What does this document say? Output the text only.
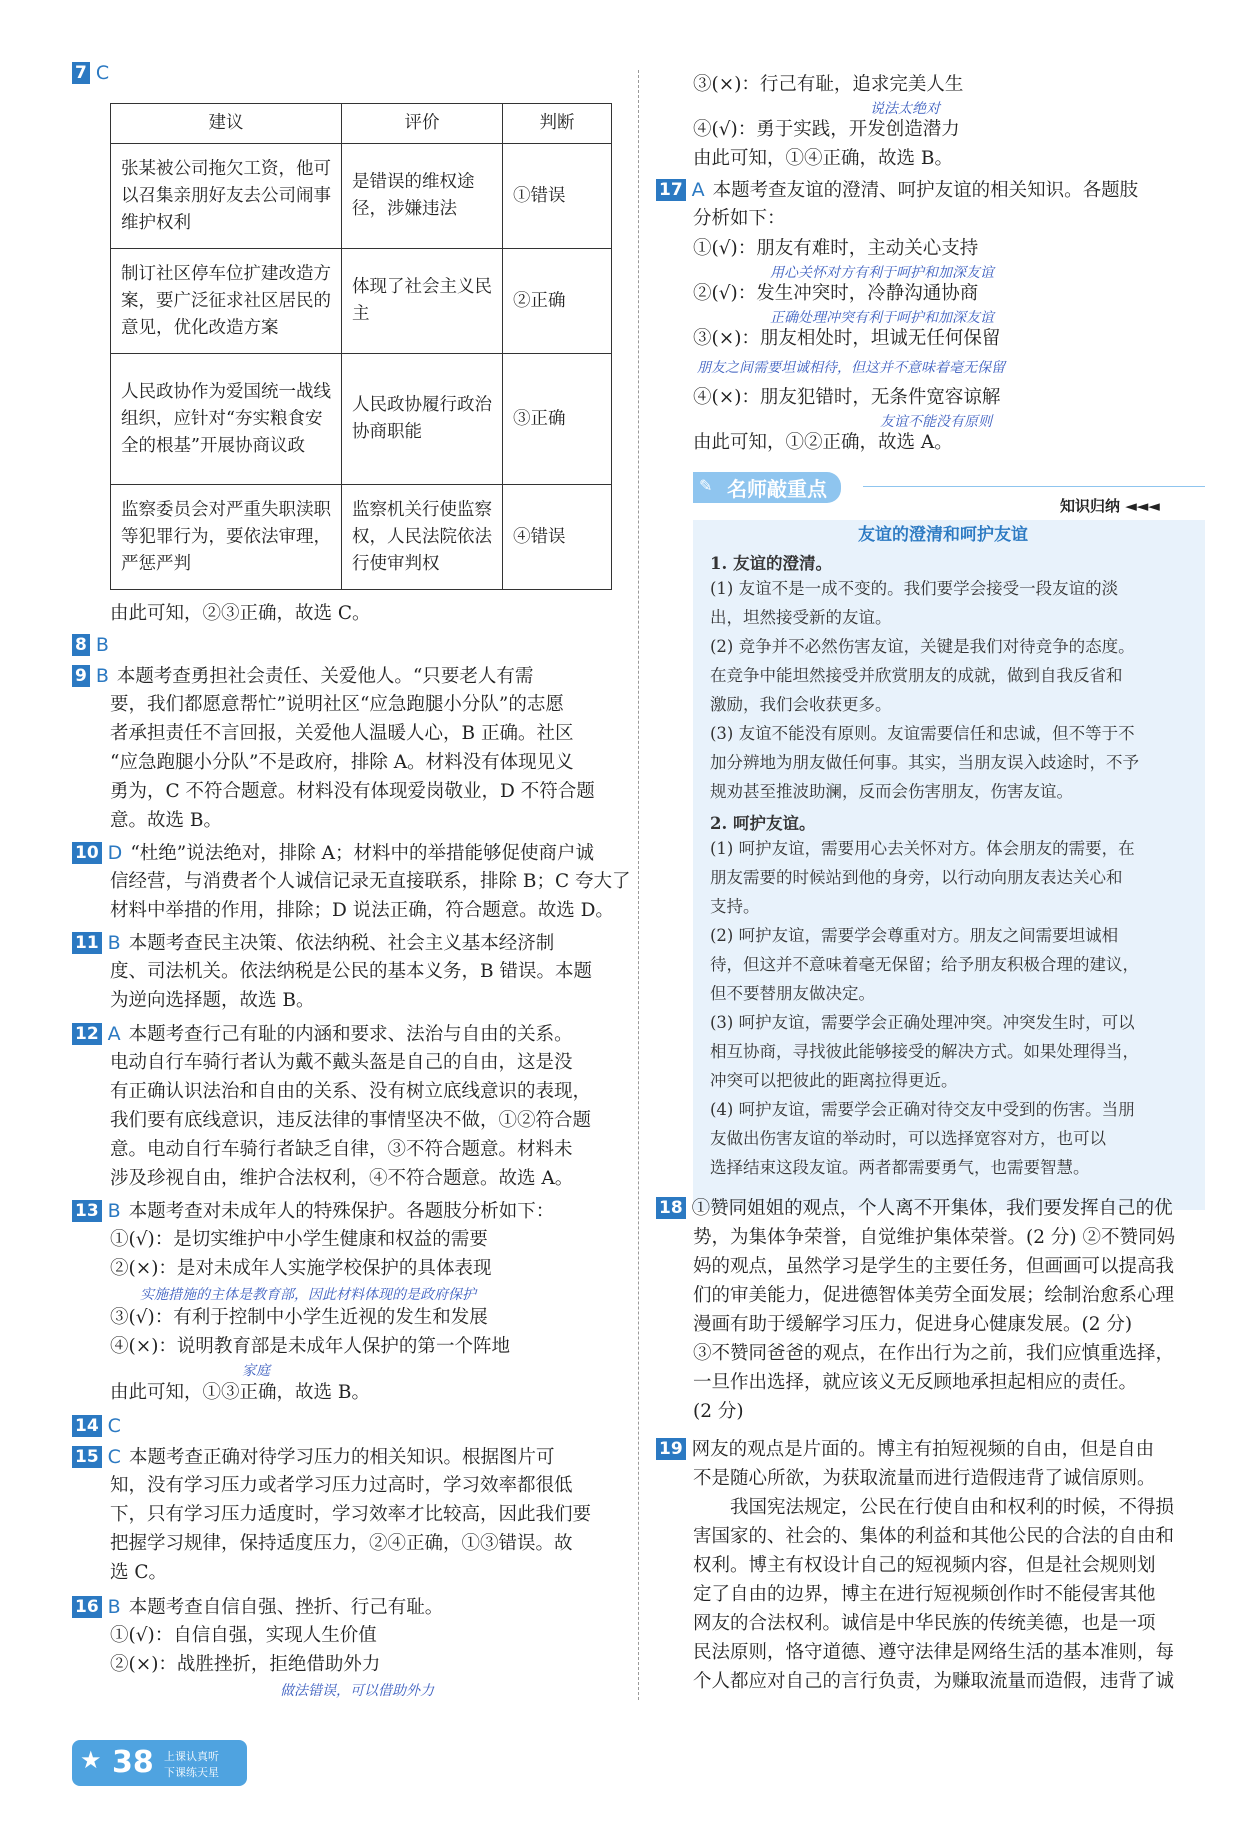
7 C
建议	评价	判断
张某被公司拖欠工资，他可以召集亲朋好友去公司闹事维护权利	是错误的维权途径，涉嫌违法	①错误
制订社区停车位扩建改造方案，要广泛征求社区居民的意见，优化改造方案	体现了社会主义民主	②正确
人民政协作为爱国统一战线组织，应针对“夯实粮食安全的根基”开展协商议政	人民政协履行政治协商职能	③正确
监察委员会对严重失职渎职等犯罪行为，要依法审理，严惩严判	监察机关行使监察权，人民法院依法行使审判权	④错误
由此可知，②③正确，故选 C。
8 B
9 B 本题考查勇担社会责任、关爱他人。“只要老人有需
要，我们都愿意帮忙”说明社区“应急跑腿小分队”的志愿
者承担责任不言回报，关爱他人温暖人心，B 正确。社区
“应急跑腿小分队”不是政府，排除 A。材料没有体现见义
勇为，C 不符合题意。材料没有体现爱岗敬业，D 不符合题
意。故选 B。
10 D “杜绝”说法绝对，排除 A；材料中的举措能够促使商户诚
信经营，与消费者个人诚信记录无直接联系，排除 B；C 夸大了
材料中举措的作用，排除；D 说法正确，符合题意。故选 D。
11 B 本题考查民主决策、依法纳税、社会主义基本经济制
度、司法机关。依法纳税是公民的基本义务，B 错误。本题
为逆向选择题，故选 B。
12 A 本题考查行己有耻的内涵和要求、法治与自由的关系。
电动自行车骑行者认为戴不戴头盔是自己的自由，这是没
有正确认识法治和自由的关系、没有树立底线意识的表现，
我们要有底线意识，违反法律的事情坚决不做，①②符合题
意。电动自行车骑行者缺乏自律，③不符合题意。材料未
涉及珍视自由，维护合法权利，④不符合题意。故选 A。
13 B 本题考查对未成年人的特殊保护。各题肢分析如下：
①(√)：是切实维护中小学生健康和权益的需要
②(×)：是对未成年人实施学校保护的具体表现
实施措施的主体是教育部，因此材料体现的是政府保护
③(√)：有利于控制中小学生近视的发生和发展
④(×)：说明教育部是未成年人保护的第一个阵地
家庭
由此可知，①③正确，故选 B。
14 C
15 C 本题考查正确对待学习压力的相关知识。根据图片可
知，没有学习压力或者学习压力过高时，学习效率都很低
下，只有学习压力适度时，学习效率才比较高，因此我们要
把握学习规律，保持适度压力，②④正确，①③错误。故
选 C。
16 B 本题考查自信自强、挫折、行己有耻。
①(√)：自信自强，实现人生价值
②(×)：战胜挫折，拒绝借助外力
做法错误，可以借助外力
③(×)：行己有耻，追求完美人生
说法太绝对
④(√)：勇于实践，开发创造潜力
由此可知，①④正确，故选 B。
17 A 本题考查友谊的澄清、呵护友谊的相关知识。各题肢
分析如下：
①(√)：朋友有难时，主动关心支持
用心关怀对方有利于呵护和加深友谊
②(√)：发生冲突时，冷静沟通协商
正确处理冲突有利于呵护和加深友谊
③(×)：朋友相处时，坦诚无任何保留
朋友之间需要坦诚相待，但这并不意味着毫无保留
④(×)：朋友犯错时，无条件宽容谅解
友谊不能没有原则
由此可知，①②正确，故选 A。
名师敲重点
✎
知识归纳 ◄◄◄
友谊的澄清和呵护友谊
1. 友谊的澄清。
(1) 友谊不是一成不变的。我们要学会接受一段友谊的淡
出，坦然接受新的友谊。
(2) 竞争并不必然伤害友谊，关键是我们对待竞争的态度。
在竞争中能坦然接受并欣赏朋友的成就，做到自我反省和
激励，我们会收获更多。
(3) 友谊不能没有原则。友谊需要信任和忠诚，但不等于不
加分辨地为朋友做任何事。其实，当朋友误入歧途时，不予
规劝甚至推波助澜，反而会伤害朋友，伤害友谊。
2. 呵护友谊。
(1) 呵护友谊，需要用心去关怀对方。体会朋友的需要，在
朋友需要的时候站到他的身旁，以行动向朋友表达关心和
支持。
(2) 呵护友谊，需要学会尊重对方。朋友之间需要坦诚相
待，但这并不意味着毫无保留；给予朋友积极合理的建议，
但不要替朋友做决定。
(3) 呵护友谊，需要学会正确处理冲突。冲突发生时，可以
相互协商，寻找彼此能够接受的解决方式。如果处理得当，
冲突可以把彼此的距离拉得更近。
(4) 呵护友谊，需要学会正确对待交友中受到的伤害。当朋
友做出伤害友谊的举动时，可以选择宽容对方，也可以
选择结束这段友谊。两者都需要勇气，也需要智慧。
18 ①赞同姐姐的观点，个人离不开集体，我们要发挥自己的优
势，为集体争荣誉，自觉维护集体荣誉。(2 分) ②不赞同妈
妈的观点，虽然学习是学生的主要任务，但画画可以提高我
们的审美能力，促进德智体美劳全面发展；绘制治愈系心理
漫画有助于缓解学习压力，促进身心健康发展。(2 分)
③不赞同爸爸的观点，在作出行为之前，我们应慎重选择，
一旦作出选择，就应该义无反顾地承担起相应的责任。
(2 分)
19 网友的观点是片面的。博主有拍短视频的自由，但是自由
不是随心所欲，为获取流量而进行造假违背了诚信原则。
　　我国宪法规定，公民在行使自由和权利的时候，不得损
害国家的、社会的、集体的利益和其他公民的合法的自由和
权利。博主有权设计自己的短视频内容，但是社会规则划
定了自由的边界，博主在进行短视频创作时不能侵害其他
网友的合法权利。诚信是中华民族的传统美德，也是一项
民法原则，恪守道德、遵守法律是网络生活的基本准则，每
个人都应对自己的言行负责，为赚取流量而造假，违背了诚
★ 38 上课认真听
下课练天星
